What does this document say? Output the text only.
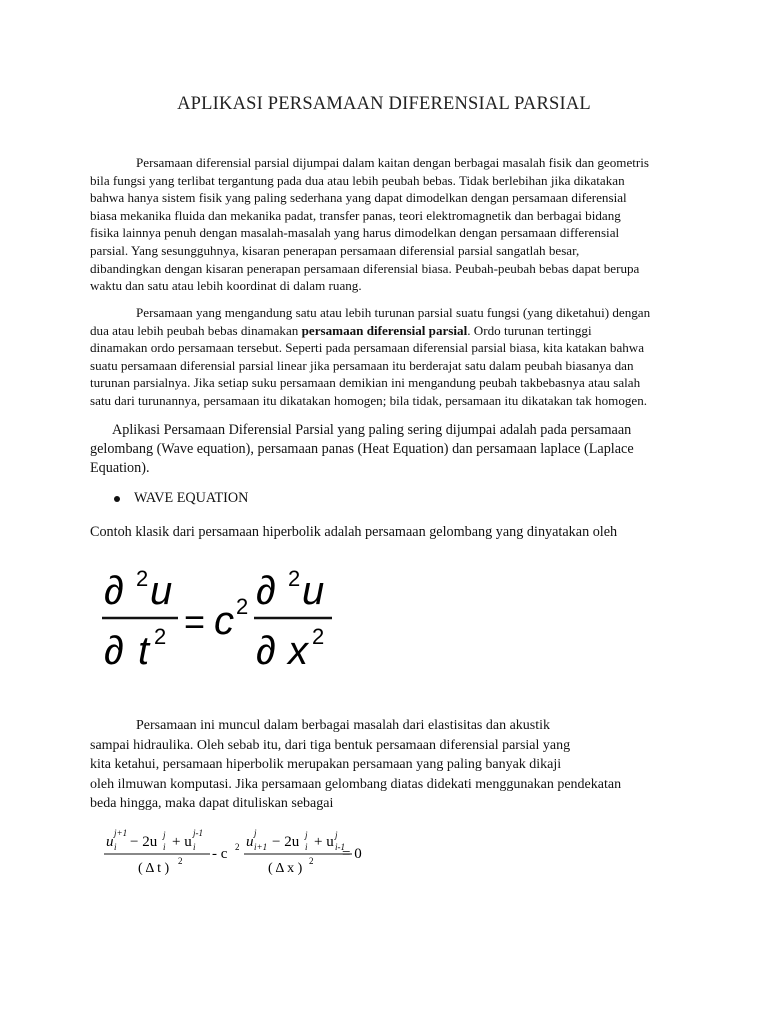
APLIKASI PERSAMAAN DIFERENSIAL PARSIAL

Persamaan diferensial parsial dijumpai dalam kaitan dengan berbagai masalah fisik dan geometris
bila fungsi yang terlibat tergantung pada dua atau lebih peubah bebas. Tidak berlebihan jika dikatakan
bahwa hanya sistem fisik yang paling sederhana yang dapat dimodelkan dengan persamaan diferensial
biasa mekanika fluida dan mekanika padat, transfer panas, teori elektromagnetik dan berbagai bidang
fisika lainnya penuh dengan masalah-masalah yang harus dimodelkan dengan persamaan differensial
parsial. Yang sesungguhnya, kisaran penerapan persamaan diferensial parsial sangatlah besar,
dibandingkan dengan kisaran penerapan persamaan diferensial biasa. Peubah-peubah bebas dapat berupa
waktu dan satu atau lebih koordinat di dalam ruang.

Persamaan yang mengandung satu atau lebih turunan parsial suatu fungsi (yang diketahui) dengan
dua atau lebih peubah bebas dinamakan persamaan diferensial parsial. Ordo turunan tertinggi
dinamakan ordo persamaan tersebut. Seperti pada persamaan diferensial parsial biasa, kita katakan bahwa
suatu persamaan diferensial parsial linear jika persamaan itu berderajat satu dalam peubah biasanya dan
turunan parsialnya. Jika setiap suku persamaan demikian ini mengandung peubah takbebasnya atau salah
satu dari turunannya, persamaan itu dikatakan homogen; bila tidak, persamaan itu dikatakan tak homogen.

Aplikasi Persamaan Diferensial Parsial yang paling sering dijumpai adalah pada persamaan
gelombang (Wave equation), persamaan panas (Heat Equation) dan persamaan laplace (Laplace
Equation).

WAVE EQUATION

Contoh klasik dari persamaan hiperbolik adalah persamaan gelombang yang dinyatakan oleh

∂ 2 u
∂ t 2 = c 2 ∂ 2 u
∂ x 2

Persamaan ini muncul dalam berbagai masalah dari elastisitas dan akustik
sampai hidraulika. Oleh sebab itu, dari tiga bentuk persamaan diferensial parsial yang
kita ketahui, persamaan hiperbolik merupakan persamaan yang paling banyak dikaji
oleh ilmuwan komputasi. Jika persamaan gelombang diatas didekati menggunakan pendekatan
beda hingga, maka dapat dituliskan sebagai

u
j+1
i − 2u j
i + u
j-1
i
( Δ t ) 2 - c 2 u
j
i+1 − 2u j
i + u j
i-1
( Δ x ) 2 = 0
